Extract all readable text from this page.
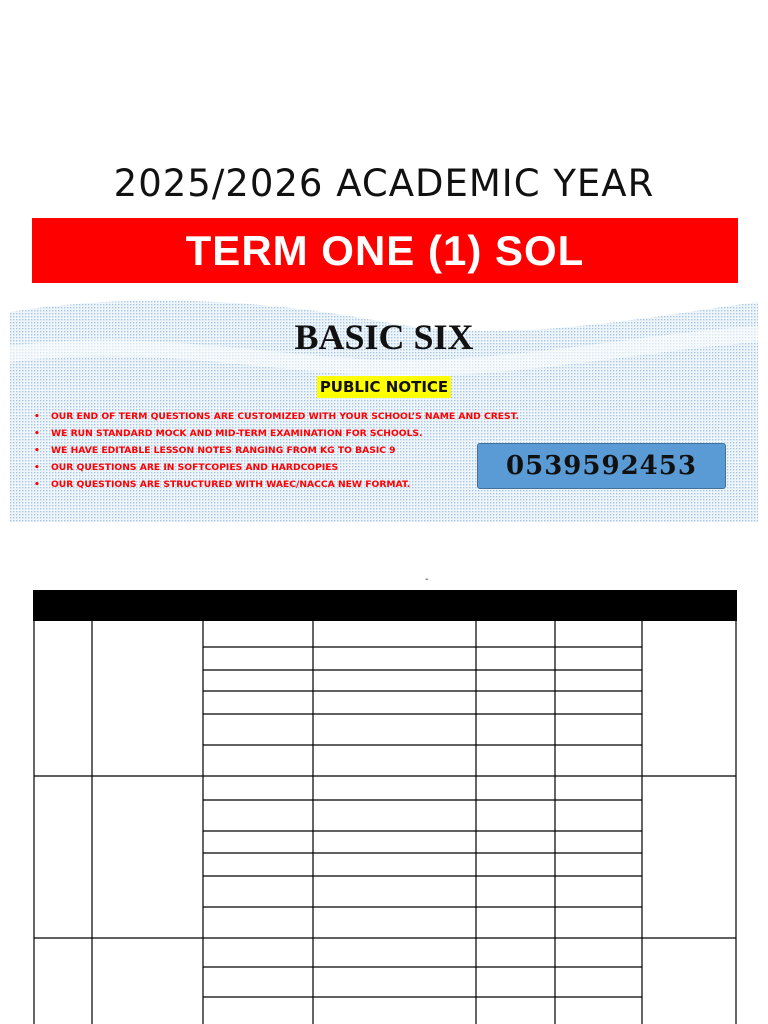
2025/2026 ACADEMIC YEAR
TERM ONE (1) SOL
BASIC SIX
PUBLIC NOTICE
• OUR END OF TERM QUESTIONS ARE CUSTOMIZED WITH YOUR SCHOOL’S NAME AND CREST.
• WE RUN STANDARD MOCK AND MID-TERM EXAMINATION FOR SCHOOLS.
• WE HAVE EDITABLE LESSON NOTES RANGING FROM KG TO BASIC 9
• OUR QUESTIONS ARE IN SOFTCOPIES AND HARDCOPIES
• OUR QUESTIONS ARE STRUCTURED WITH WAEC/NACCA NEW FORMAT.
0539592453
-
